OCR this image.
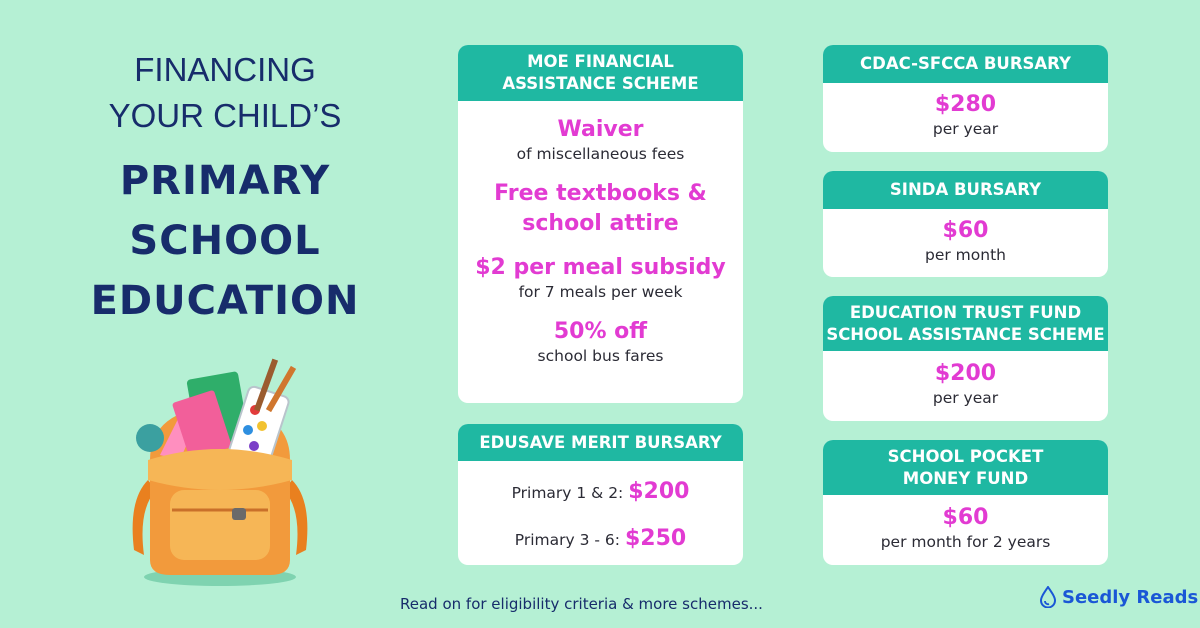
FINANCING
YOUR CHILD’S
PRIMARY
SCHOOL
EDUCATION
MOE FINANCIAL
ASSISTANCE SCHEME
Waiver
of miscellaneous fees
Free textbooks &
school attire
$2 per meal subsidy
for 7 meals per week
50% off
school bus fares
EDUSAVE MERIT BURSARY
Primary 1 & 2: $200
Primary 3 - 6: $250
CDAC-SFCCA BURSARY
$280
per year
SINDA BURSARY
$60
per month
EDUCATION TRUST FUND
SCHOOL ASSISTANCE SCHEME
$200
per year
SCHOOL POCKET
MONEY FUND
$60
per month for 2 years
Read on for eligibility criteria & more schemes...	Seedly Reads
